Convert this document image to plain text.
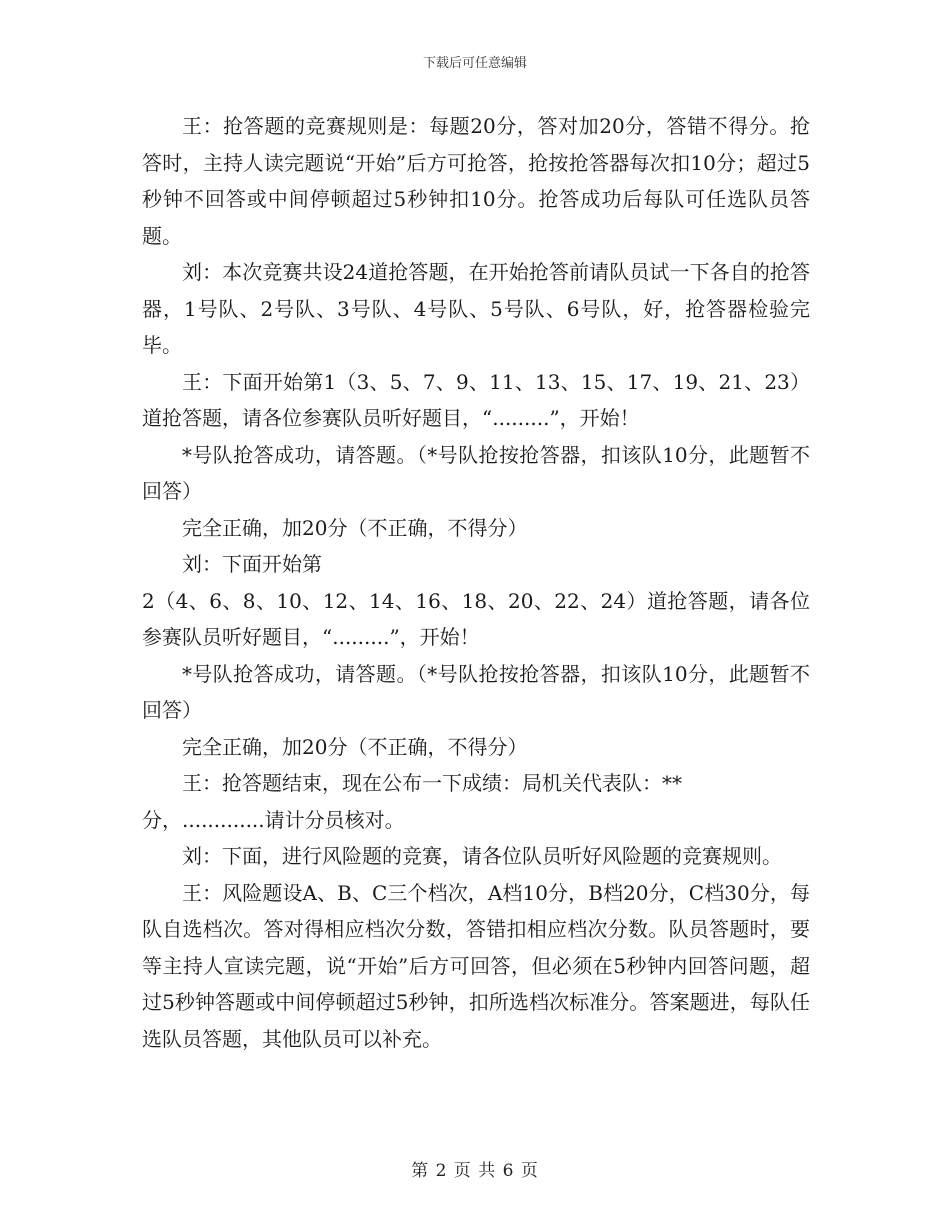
下载后可任意编辑

王：抢答题的竞赛规则是：每题20分，答对加20分，答错不得分。抢答时，主持人读完题说“开始”后方可抢答，抢按抢答器每次扣10分；超过5秒钟不回答或中间停顿超过5秒钟扣10分。抢答成功后每队可任选队员答题。

刘：本次竞赛共设24道抢答题，在开始抢答前请队员试一下各自的抢答器，1号队、2号队、3号队、4号队、5号队、6号队，好，抢答器检验完毕。

王：下面开始第1（3、5、7、9、11、13、15、17、19、21、23）道抢答题，请各位参赛队员听好题目，“.........”，开始！

*号队抢答成功，请答题。（*号队抢按抢答器，扣该队10分，此题暂不回答）

完全正确，加20分（不正确，不得分）

刘：下面开始第

2（4、6、8、10、12、14、16、18、20、22、24）道抢答题，请各位参赛队员听好题目，“.........”，开始！

*号队抢答成功，请答题。（*号队抢按抢答器，扣该队10分，此题暂不回答）

完全正确，加20分（不正确，不得分）

王：抢答题结束，现在公布一下成绩：局机关代表队：**

分，.............请计分员核对。

刘：下面，进行风险题的竞赛，请各位队员听好风险题的竞赛规则。

王：风险题设A、B、C三个档次，A档10分，B档20分，C档30分，每队自选档次。答对得相应档次分数，答错扣相应档次分数。队员答题时，要等主持人宣读完题，说“开始”后方可回答，但必须在5秒钟内回答问题，超过5秒钟答题或中间停顿超过5秒钟，扣所选档次标准分。答案题进，每队任选队员答题，其他队员可以补充。

第 2 页 共 6 页
